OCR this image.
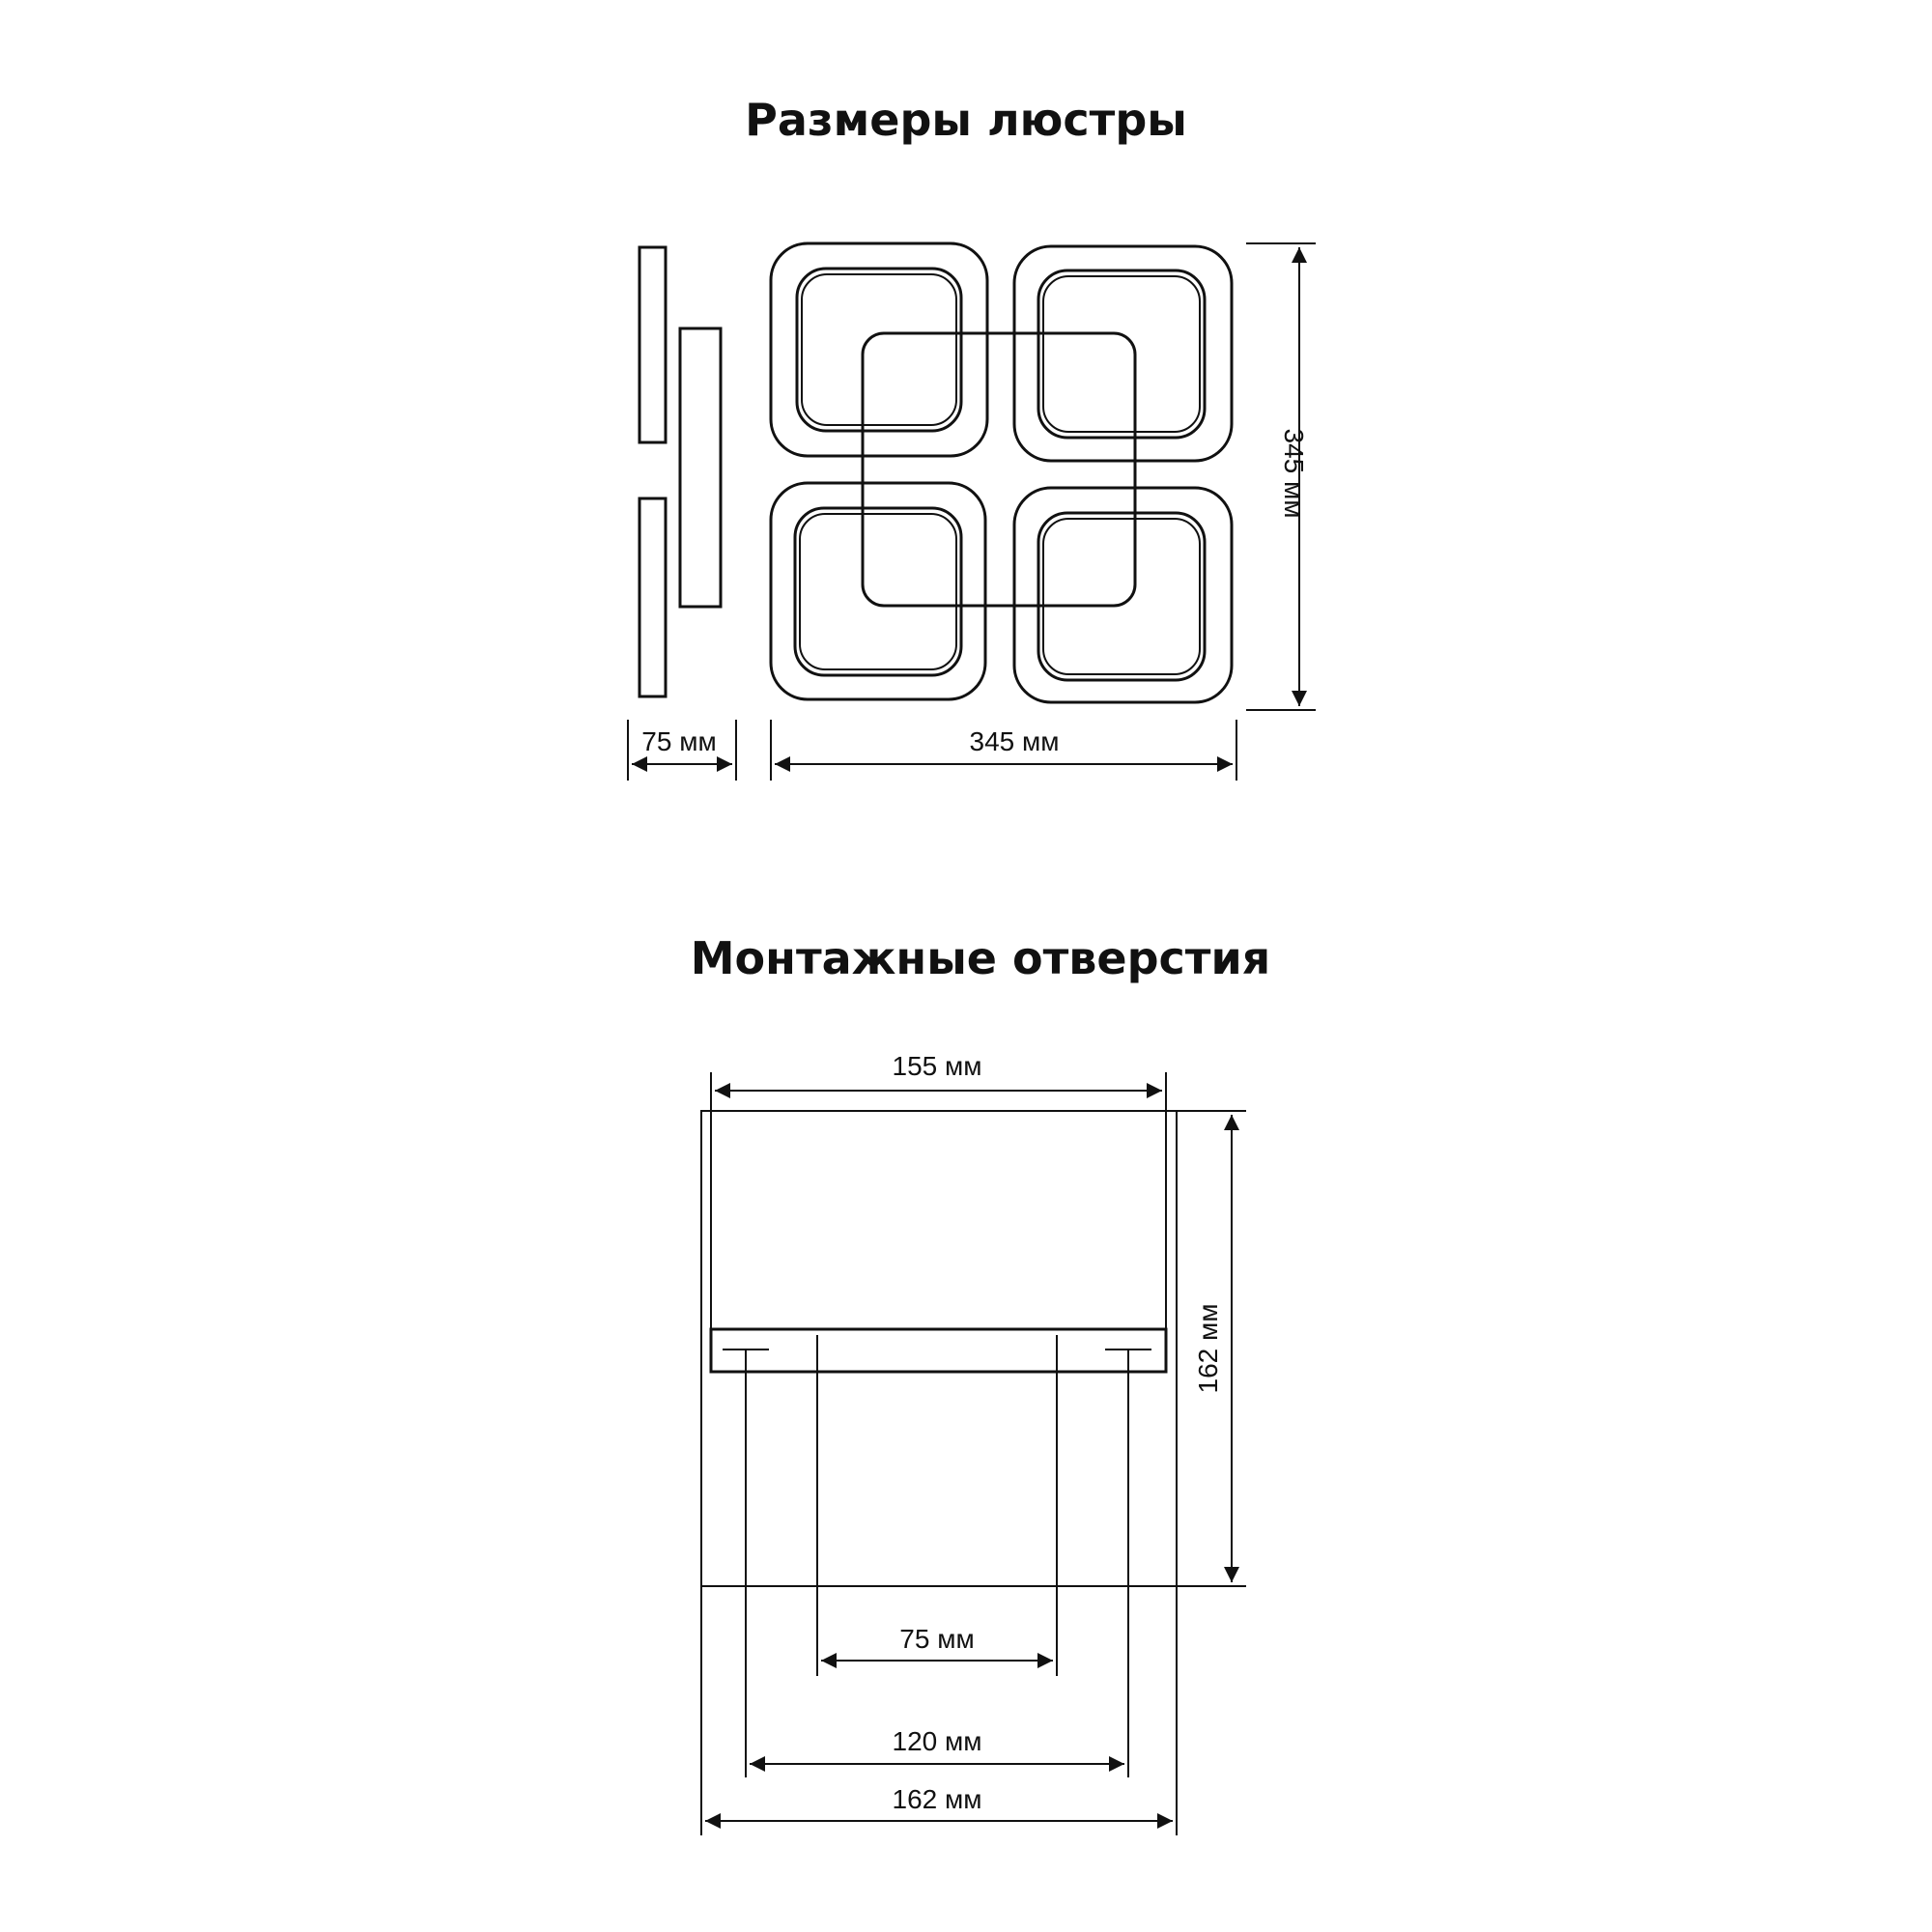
Размеры люстры
345 мм
345 мм
75 мм
Монтажные отверстия
155 мм
162 мм
75 мм
120 мм
162 мм
